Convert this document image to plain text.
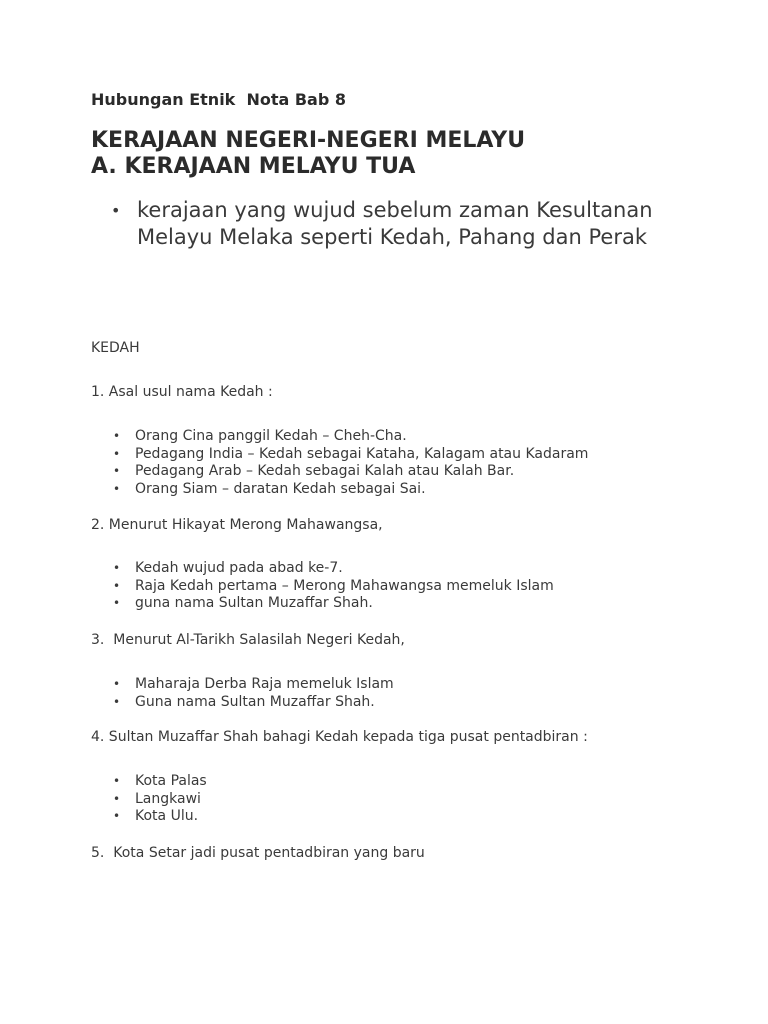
Hubungan Etnik  Nota Bab 8

KERAJAAN NEGERI-NEGERI MELAYU
A. KERAJAAN MELAYU TUA
• kerajaan yang wujud sebelum zaman Kesultanan Melayu Melaka seperti Kedah, Pahang dan Perak

KEDAH

1. Asal usul nama Kedah :

• Orang Cina panggil Kedah – Cheh-Cha.
• Pedagang India – Kedah sebagai Kataha, Kalagam atau Kadaram
• Pedagang Arab – Kedah sebagai Kalah atau Kalah Bar.
• Orang Siam – daratan Kedah sebagai Sai.

2. Menurut Hikayat Merong Mahawangsa,

• Kedah wujud pada abad ke-7.
• Raja Kedah pertama – Merong Mahawangsa memeluk Islam
• guna nama Sultan Muzaffar Shah.

3.  Menurut Al-Tarikh Salasilah Negeri Kedah,

• Maharaja Derba Raja memeluk Islam
• Guna nama Sultan Muzaffar Shah.

4. Sultan Muzaffar Shah bahagi Kedah kepada tiga pusat pentadbiran :

• Kota Palas
• Langkawi
• Kota Ulu.

5.  Kota Setar jadi pusat pentadbiran yang baru
